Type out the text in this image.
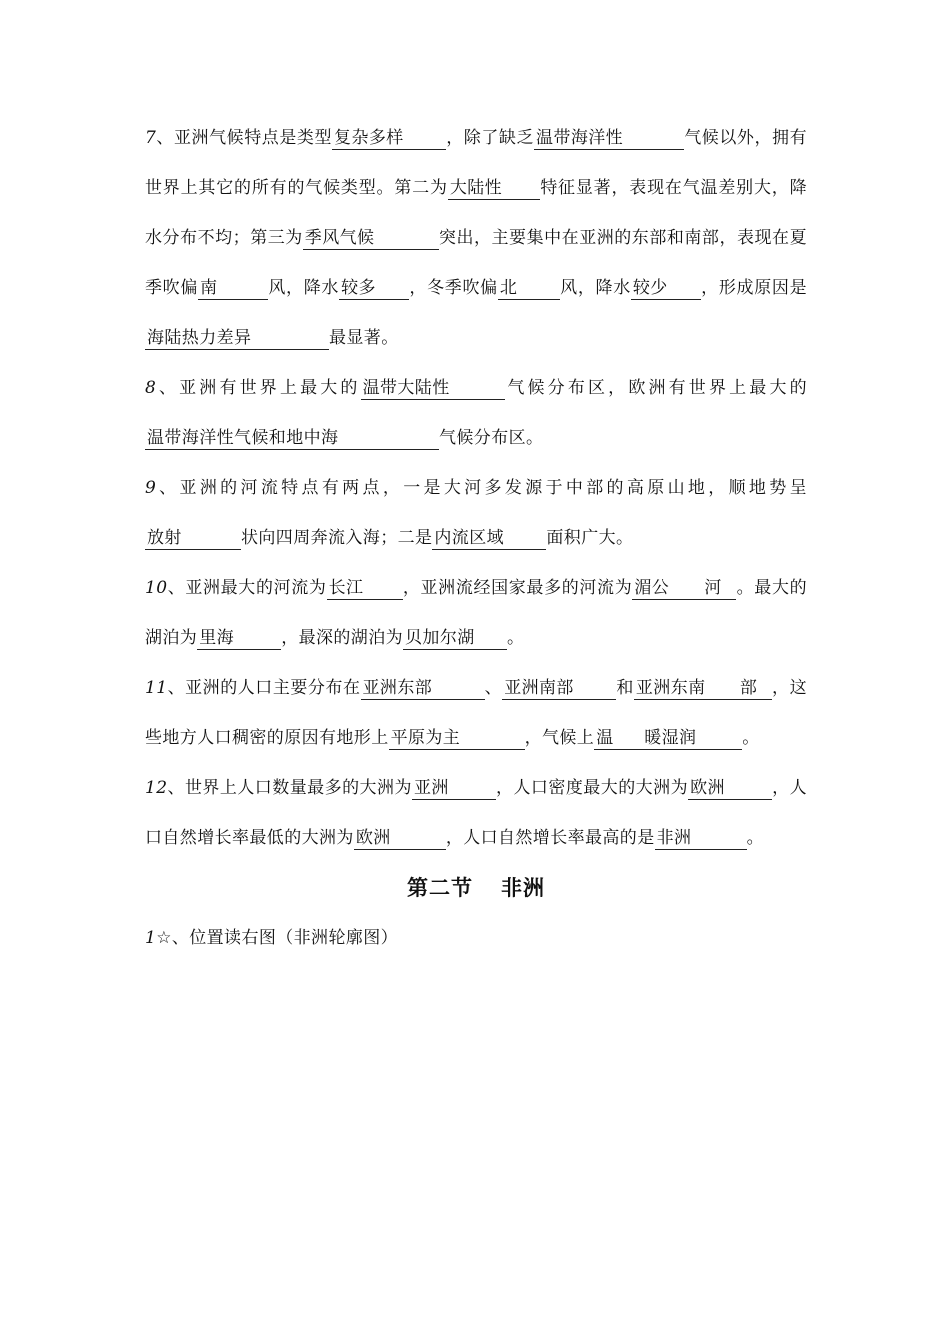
7、亚洲气候特点是类型 复杂多样 ，除了缺乏 温带海洋性	气候以外，拥有世界上其它的所有的气候类型。第二为 大陆性 特征显著，表现在气温差别大，降水分布不均；第三为 季风气候	突出，主要集中在亚洲的东部和南部，表现在夏季吹偏 南	风，降水 较多 ，冬季吹偏 北	风，降水 较少 ，形成原因是海陆热力差异	最显著。

8、亚洲有世界上最大的 温带大陆性	气候分布区，欧洲有世界上最大的温带海洋性气候和地中海	气候分布区。

9、亚洲的河流特点有两点，一是大河多发源于中部的高原山地，顺地势呈放射	状向四周奔流入海；二是 内流区域 面积广大。

10、亚洲最大的河流为 长江 ，亚洲流经国家最多的河流为 湄公 河 。最大的湖泊为 里海	，最深的湖泊为 贝加尔湖 。

11、亚洲的人口主要分布在 亚洲东部	、 亚洲南部 和 亚洲东南 部 ，这些地方人口稠密的原因有地形上 平原为主	，气候上 温 暖湿润	。

12、世界上人口数量最多的大洲为 亚洲	，人口密度最大的大洲为 欧洲	，人口自然增长率最低的大洲为 欧洲	，人口自然增长率最高的是 非洲	。

第二节 非洲

1☆、位置读右图（非洲轮廓图）
